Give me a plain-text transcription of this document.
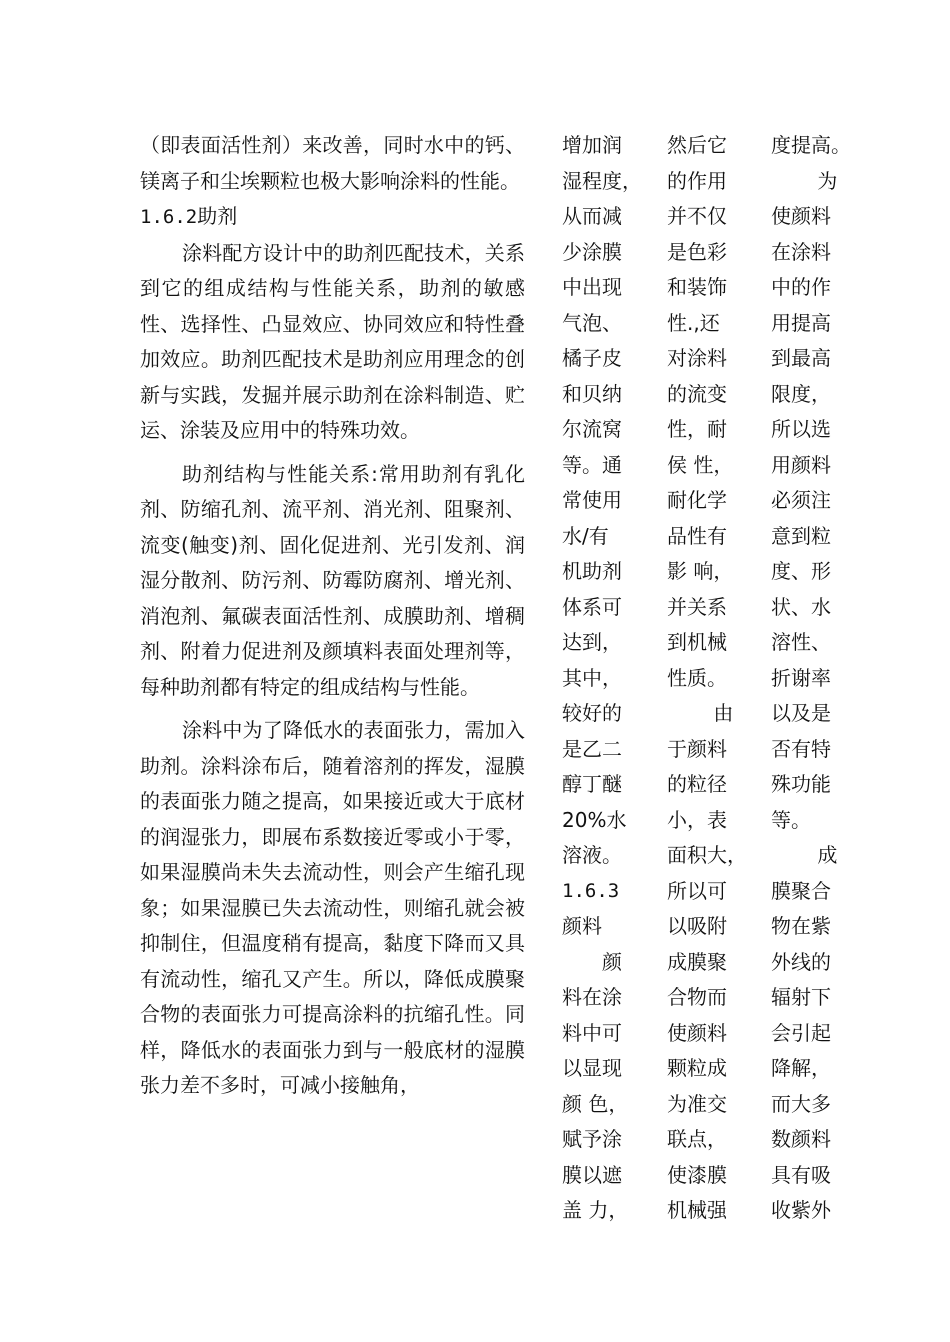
（即表面活性剂）来改善，同时水中的钙、镁离子和尘埃颗粒也极大影响涂料的性能。

1.6.2助剂

涂料配方设计中的助剂匹配技术，关系到它的组成结构与性能关系，助剂的敏感性、选择性、凸显效应、协同效应和特性叠加效应。助剂匹配技术是助剂应用理念的创新与实践，发掘并展示助剂在涂料制造、贮运、涂装及应用中的特殊功效。

助剂结构与性能关系:常用助剂有乳化剂、防缩孔剂、流平剂、消光剂、阻聚剂、流变(触变)剂、固化促进剂、光引发剂、润湿分散剂、防污剂、防霉防腐剂、增光剂、消泡剂、氟碳表面活性剂、成膜助剂、增稠剂、附着力促进剂及颜填料表面处理剂等，每种助剂都有特定的组成结构与性能。

涂料中为了降低水的表面张力，需加入助剂。涂料涂布后，随着溶剂的挥发，湿膜的表面张力随之提高，如果接近或大于底材的润湿张力，即展布系数接近零或小于零，如果湿膜尚未失去流动性，则会产生缩孔现象；如果湿膜已失去流动性，则缩孔就会被抑制住，但温度稍有提高，黏度下降而又具有流动性，缩孔又产生。所以，降低成膜聚合物的表面张力可提高涂料的抗缩孔性。同样，降低水的表面张力到与一般底材的湿膜张力差不多时，可减小接触角，

增加润
湿程度，
从而减
少涂膜
中出现
气泡、
橘子皮
和贝纳
尔流窝
等。通
常使用
水/有
机助剂
体系可
达到，
其中，
较好的
是乙二
醇丁醚
20%水
溶液。
1.6.3
颜料
　　颜
料在涂
料中可
以显现
颜 色，
赋予涂
膜以遮
盖 力，
然后它
的作用
并不仅
是色彩
和装饰
性.,还
对涂料
的流变
性，耐
侯 性，
耐化学
品性有
影 响，
并关系
到机械
性质。
　　 由
于颜料
的粒径
小，表
面积大，
所以可
以吸附
成膜聚
合物而
使颜料
颗粒成
为准交
联点，
使漆膜
机械强
度提高。
　　 为
使颜料
在涂料
中的作
用提高
到最高
限度，
所以选
用颜料
必须注
意到粒
度、形
状、水
溶性、
折谢率
以及是
否有特
殊功能
等。
　　 成
膜聚合
物在紫
外线的
辐射下
会引起
降解，
而大多
数颜料
具有吸
收紫外
